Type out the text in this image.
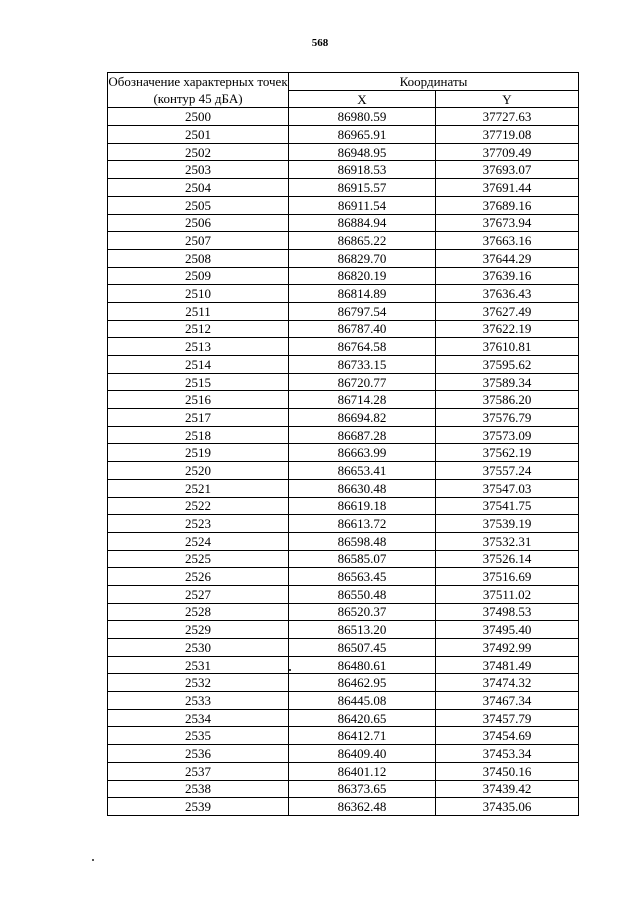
568
Обозначение характерных точек (контур 45 дБА)	Координаты	
	X	Y
2500	86980.59	37727.63
2501	86965.91	37719.08
2502	86948.95	37709.49
2503	86918.53	37693.07
2504	86915.57	37691.44
2505	86911.54	37689.16
2506	86884.94	37673.94
2507	86865.22	37663.16
2508	86829.70	37644.29
2509	86820.19	37639.16
2510	86814.89	37636.43
2511	86797.54	37627.49
2512	86787.40	37622.19
2513	86764.58	37610.81
2514	86733.15	37595.62
2515	86720.77	37589.34
2516	86714.28	37586.20
2517	86694.82	37576.79
2518	86687.28	37573.09
2519	86663.99	37562.19
2520	86653.41	37557.24
2521	86630.48	37547.03
2522	86619.18	37541.75
2523	86613.72	37539.19
2524	86598.48	37532.31
2525	86585.07	37526.14
2526	86563.45	37516.69
2527	86550.48	37511.02
2528	86520.37	37498.53
2529	86513.20	37495.40
2530	86507.45	37492.99
2531	86480.61	37481.49
2532	86462.95	37474.32
2533	86445.08	37467.34
2534	86420.65	37457.79
2535	86412.71	37454.69
2536	86409.40	37453.34
2537	86401.12	37450.16
2538	86373.65	37439.42
2539	86362.48	37435.06
